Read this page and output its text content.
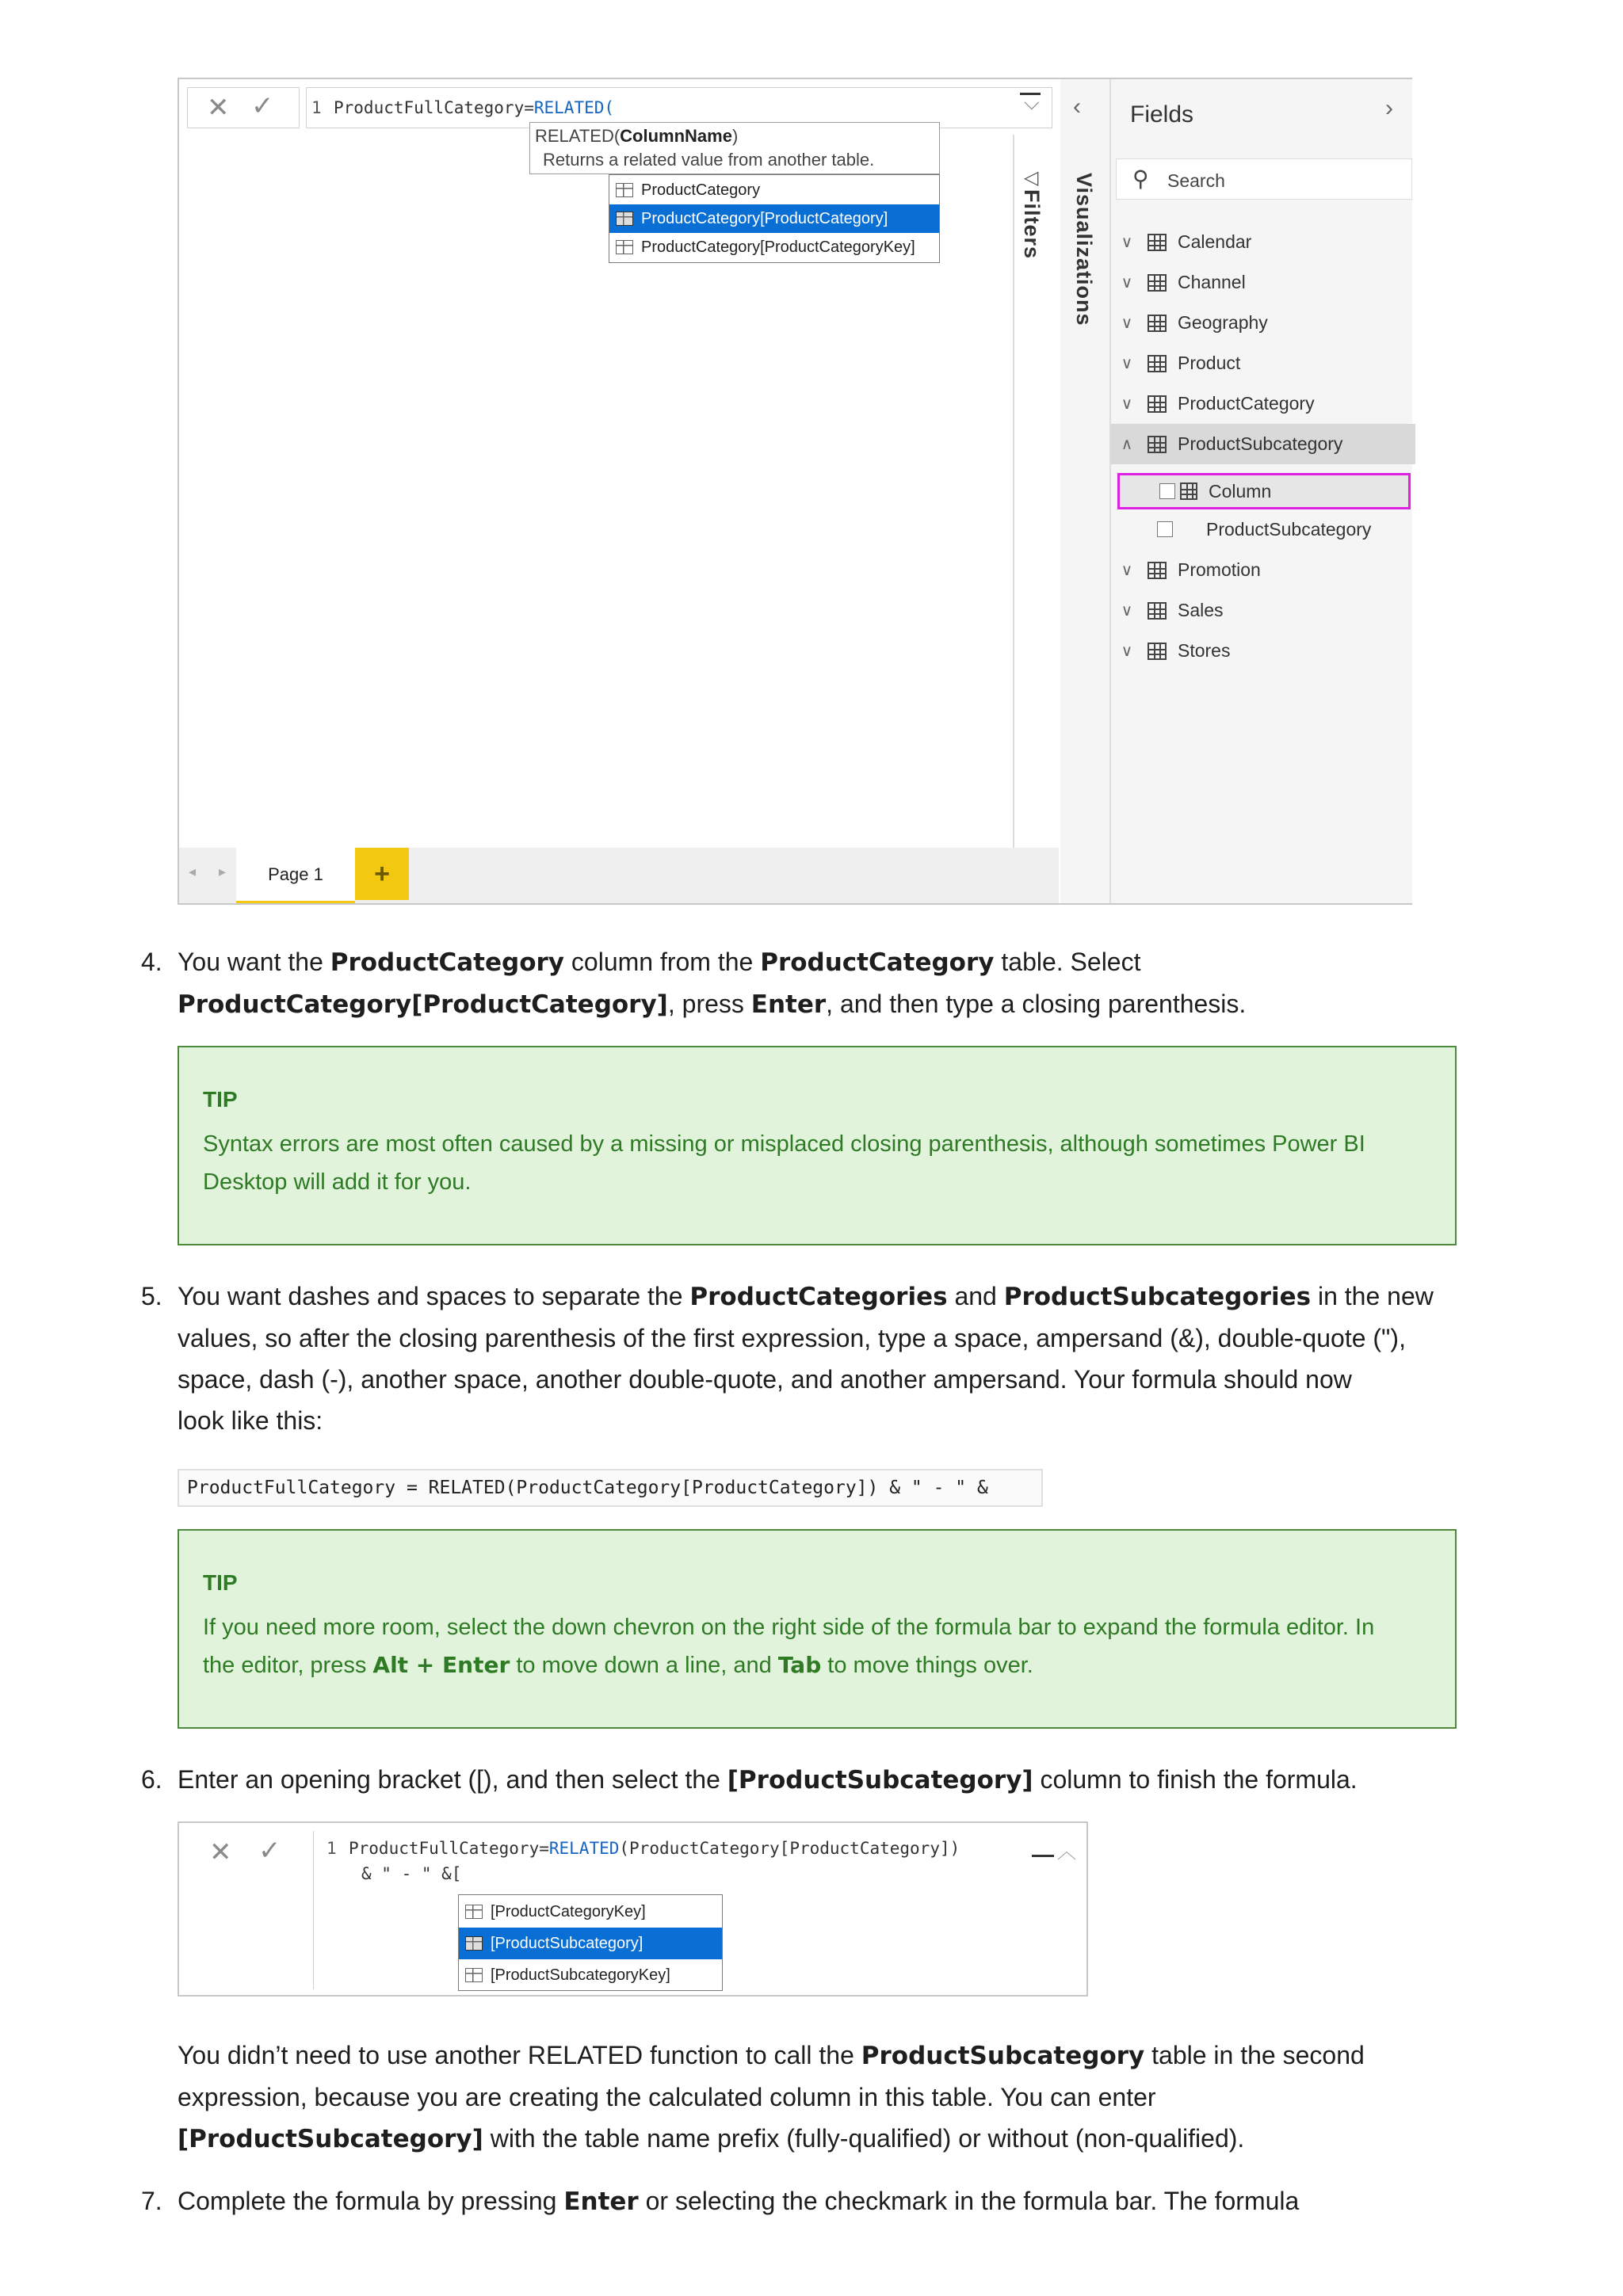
✕ ✓ 1 ProductFullCategory=RELATED(	⌵
RELATED(ColumnName)
Returns a related value from another table.
ProductCategory
ProductCategory[ProductCategory]
ProductCategory[ProductCategoryKey]
◁
Filters
‹
Visualizations
Fields	›
⚲ Search
∨	Calendar
∨	Channel
∨	Geography
∨	Product
∨	ProductCategory
∧	ProductSubcategory
Column
ProductSubcategory
∨	Promotion
∨	Sales
∨	Stores
◂ ▸	Page 1	+
4. You want the ProductCategory column from the ProductCategory table. Select
ProductCategory[ProductCategory], press Enter, and then type a closing parenthesis.
TIP
Syntax errors are most often caused by a missing or misplaced closing parenthesis, although sometimes Power BI
Desktop will add it for you.
5. You want dashes and spaces to separate the ProductCategories and ProductSubcategories in the new
values, so after the closing parenthesis of the first expression, type a space, ampersand (&), double-quote ("),
space, dash (-), another space, another double-quote, and another ampersand. Your formula should now
look like this:
ProductFullCategory = RELATED(ProductCategory[ProductCategory]) & " - " &
TIP
If you need more room, select the down chevron on the right side of the formula bar to expand the formula editor. In
the editor, press Alt + Enter to move down a line, and Tab to move things over.
6. Enter an opening bracket ([), and then select the [ProductSubcategory] column to finish the formula.
✕ ✓	1 ProductFullCategory=RELATED(ProductCategory[ProductCategory])
& " - " &[
︿
[ProductCategoryKey]
[ProductSubcategory]
[ProductSubcategoryKey]
You didn’t need to use another RELATED function to call the ProductSubcategory table in the second
expression, because you are creating the calculated column in this table. You can enter
[ProductSubcategory] with the table name prefix (fully-qualified) or without (non-qualified).
7. Complete the formula by pressing Enter or selecting the checkmark in the formula bar. The formula
